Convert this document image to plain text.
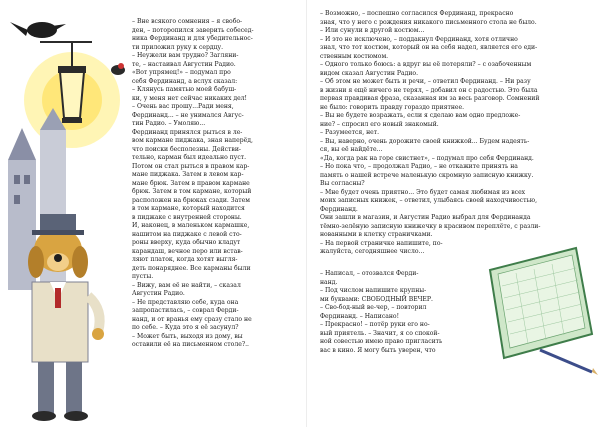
– Вне всякого сомнения – я свобо-
ден, – поторопился заверить собесед-
ника Фердинанд и для убедительнос-
ти приложил руку к сердцу.
– Неужели вам трудно? Загляни-
те, – настаивал Августин Радио.
«Вот упрямец!» – подумал про
себя Фердинанд, а вслух сказал:
– Клянусь памятью моей бабуш-
ки, у меня нет сейчас никаких дел!
– Очень вас прошу...Ради меня,
Фердинанд... – не унимался Авгус-
тин Радио. – Умоляю...
Фердинанд принялся рыться в ле-
вом кармане пиджака, зная наперёд,
что поиски бесполезны. Действи-
тельно, карман был идеально пуст.
Потом он стал рыться в правом кар-
мане пиджака. Затем в левом кар-
мане брюк. Затем в правом кармане
брюк. Затем в том кармане, который
расположен на брюках сзади. Затем
в том кармане, который находится
в пиджаке с внутренней стороны.
И, наконец, в маленьком кармашке,
нашитом на пиджаке с левой сто-
роны вверху, куда обычно кладут
карандаш, вечное перо или встав-
ляют платок, когда хотят выгля-
деть понаряднее. Все карманы были
пусты.
– Вижу, вам её не найти, – сказал
Августин Радио.
– Не представляю себе, куда она
запропастилась, – соврал Ферди-
нанд, и от вранья ему сразу стало не
по себе. – Куда это я её засунул?
– Может быть, выходя из дому, вы
оставили её на письменном столе?..
– Возможно, – поспешно согласился Фердинанд, прекрасно
зная, что у него с рождения никакого письменного стола не было.
– Или сунули в другой костюм...
– И это не исключено, – поддакнул Фердинанд, хотя отлично
знал, что тот костюм, который он на себя надел, является его еди-
ственным костюмом.
– Одного только боюсь: а вдруг вы её потеряли? – с озабоченным
видом сказал Августин Радио.
– Об этом не может быть и речи, – ответил Фердинанд. – Ни разу
в жизни я ещё ничего не терял, – добавил он с радостью. Это была
первая правдивая фраза, сказанная им за весь разговор. Сомнений
не было: говорить правду гораздо приятнее.
– Вы не будете возражать, если я сделаю вам одно предложе-
ние? – спросил его новый знакомый.
– Разумеется, нет.
– Вы, наверно, очень дорожите своей книжкой... Будем надеять-
ся, вы её найдёте...
«Да, когда рак на горе свистнет», – подумал про себя Фердинанд.
– Но пока что, – продолжал Радио, – не откажите принять на
память о нашей встрече маленькую скромную записную книжку.
Вы согласны?
– Мне будет очень приятно... Это будет самая любимая из всех
моих записных книжек, – ответил, улыбаясь своей находчивостью,
Фердинанд.
Они зашли в магазин, и Августин Радио выбрал для Фердинанда
тёмно-зелёную записную книжечку в красивом переплёте, с разли-
нованными в клетку страничками.
– На первой страничке напишите, по-
жалуйста, сегодняшнее число...
– Написал, – отозвался Ферди-
нанд.
– Под числом напишите крупны-
ми буквами: СВОБОДНЫЙ ВЕЧЕР.
– Сво-бод-ный ве-чер, – повторил
Фердинанд. – Написано!
– Прекрасно! – потёр руки его но-
вый приятель. – Значит, я со спокой-
ной совестью имею право пригласить
вас в кино. Я могу быть уверен, что
